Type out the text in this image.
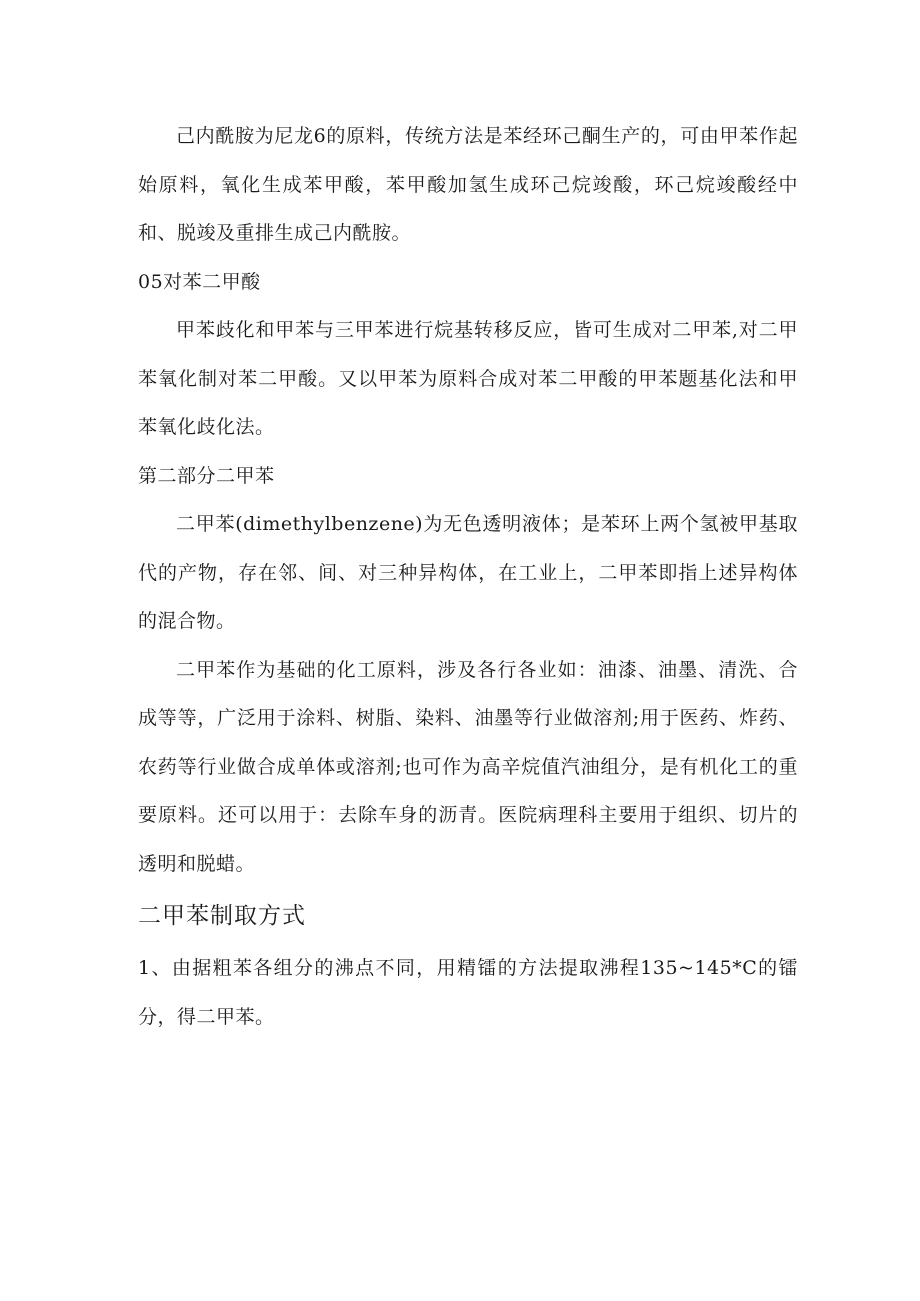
己内酰胺为尼龙6的原料，传统方法是苯经环己酮生产的，可由甲苯作起始原料，氧化生成苯甲酸，苯甲酸加氢生成环己烷竣酸，环己烷竣酸经中和、脱竣及重排生成己内酰胺。

05对苯二甲酸

甲苯歧化和甲苯与三甲苯进行烷基转移反应，皆可生成对二甲苯,对二甲苯氧化制对苯二甲酸。又以甲苯为原料合成对苯二甲酸的甲苯题基化法和甲苯氧化歧化法。

第二部分二甲苯

二甲苯(dimethylbenzene)为无色透明液体；是苯环上两个氢被甲基取代的产物，存在邻、间、对三种异构体，在工业上，二甲苯即指上述异构体的混合物。

二甲苯作为基础的化工原料，涉及各行各业如：油漆、油墨、清洗、合成等等，广泛用于涂料、树脂、染料、油墨等行业做溶剂;用于医药、炸药、农药等行业做合成单体或溶剂;也可作为高辛烷值汽油组分，是有机化工的重要原料。还可以用于：去除车身的沥青。医院病理科主要用于组织、切片的透明和脱蜡。

二甲苯制取方式

1、由据粗苯各组分的沸点不同，用精镭的方法提取沸程135~145*C的镭分，得二甲苯。
